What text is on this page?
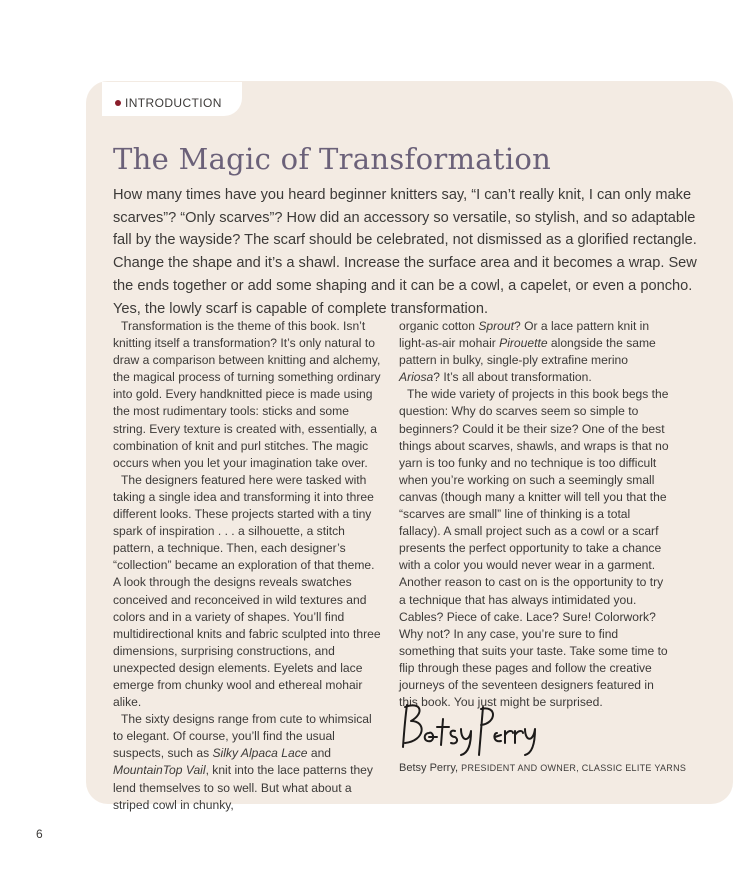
INTRODUCTION
The Magic of Transformation

How many times have you heard beginner knitters say, “I can’t really knit, I can only make scarves”? “Only scarves”? How did an accessory so versatile, so stylish, and so adaptable fall by the wayside? The scarf should be celebrated, not dismissed as a glorified rectangle. Change the shape and it’s a shawl. Increase the surface area and it becomes a wrap. Sew the ends together or add some shaping and it can be a cowl, a capelet, or even a poncho. Yes, the lowly scarf is capable of complete transformation.

Transformation is the theme of this book. Isn’t knitting itself a transformation? It’s only natural to draw a comparison between knitting and alchemy, the magical process of turning something ordinary into gold. Every handknitted piece is made using the most rudimentary tools: sticks and some string. Every texture is created with, essentially, a combination of knit and purl stitches. The magic occurs when you let your imagination take over.

The designers featured here were tasked with taking a single idea and transforming it into three different looks. These projects started with a tiny spark of inspiration . . . a silhouette, a stitch pattern, a technique. Then, each designer’s “collection” became an exploration of that theme. A look through the designs reveals swatches conceived and reconceived in wild textures and colors and in a variety of shapes. You’ll find multidirectional knits and fabric sculpted into three dimensions, surprising constructions, and unexpected design elements. Eyelets and lace emerge from chunky wool and ethereal mohair alike.

The sixty designs range from cute to whimsical to elegant. Of course, you’ll find the usual suspects, such as Silky Alpaca Lace and MountainTop Vail, knit into the lace patterns they lend themselves to so well. But what about a striped cowl in chunky,

organic cotton Sprout? Or a lace pattern knit in light-as-air mohair Pirouette alongside the same pattern in bulky, single-ply extrafine merino Ariosa? It’s all about transformation.

The wide variety of projects in this book begs the question: Why do scarves seem so simple to beginners? Could it be their size? One of the best things about scarves, shawls, and wraps is that no yarn is too funky and no technique is too difficult when you’re working on such a seemingly small canvas (though many a knitter will tell you that the “scarves are small” line of thinking is a total fallacy). A small project such as a cowl or a scarf presents the perfect opportunity to take a chance with a color you would never wear in a garment. Another reason to cast on is the opportunity to try a technique that has always intimidated you. Cables? Piece of cake. Lace? Sure! Colorwork? Why not? In any case, you’re sure to find something that suits your taste. Take some time to flip through these pages and follow the creative journeys of the seventeen designers featured in this book. You just might be surprised.

Betsy Perry, PRESIDENT AND OWNER, CLASSIC ELITE YARNS
6
